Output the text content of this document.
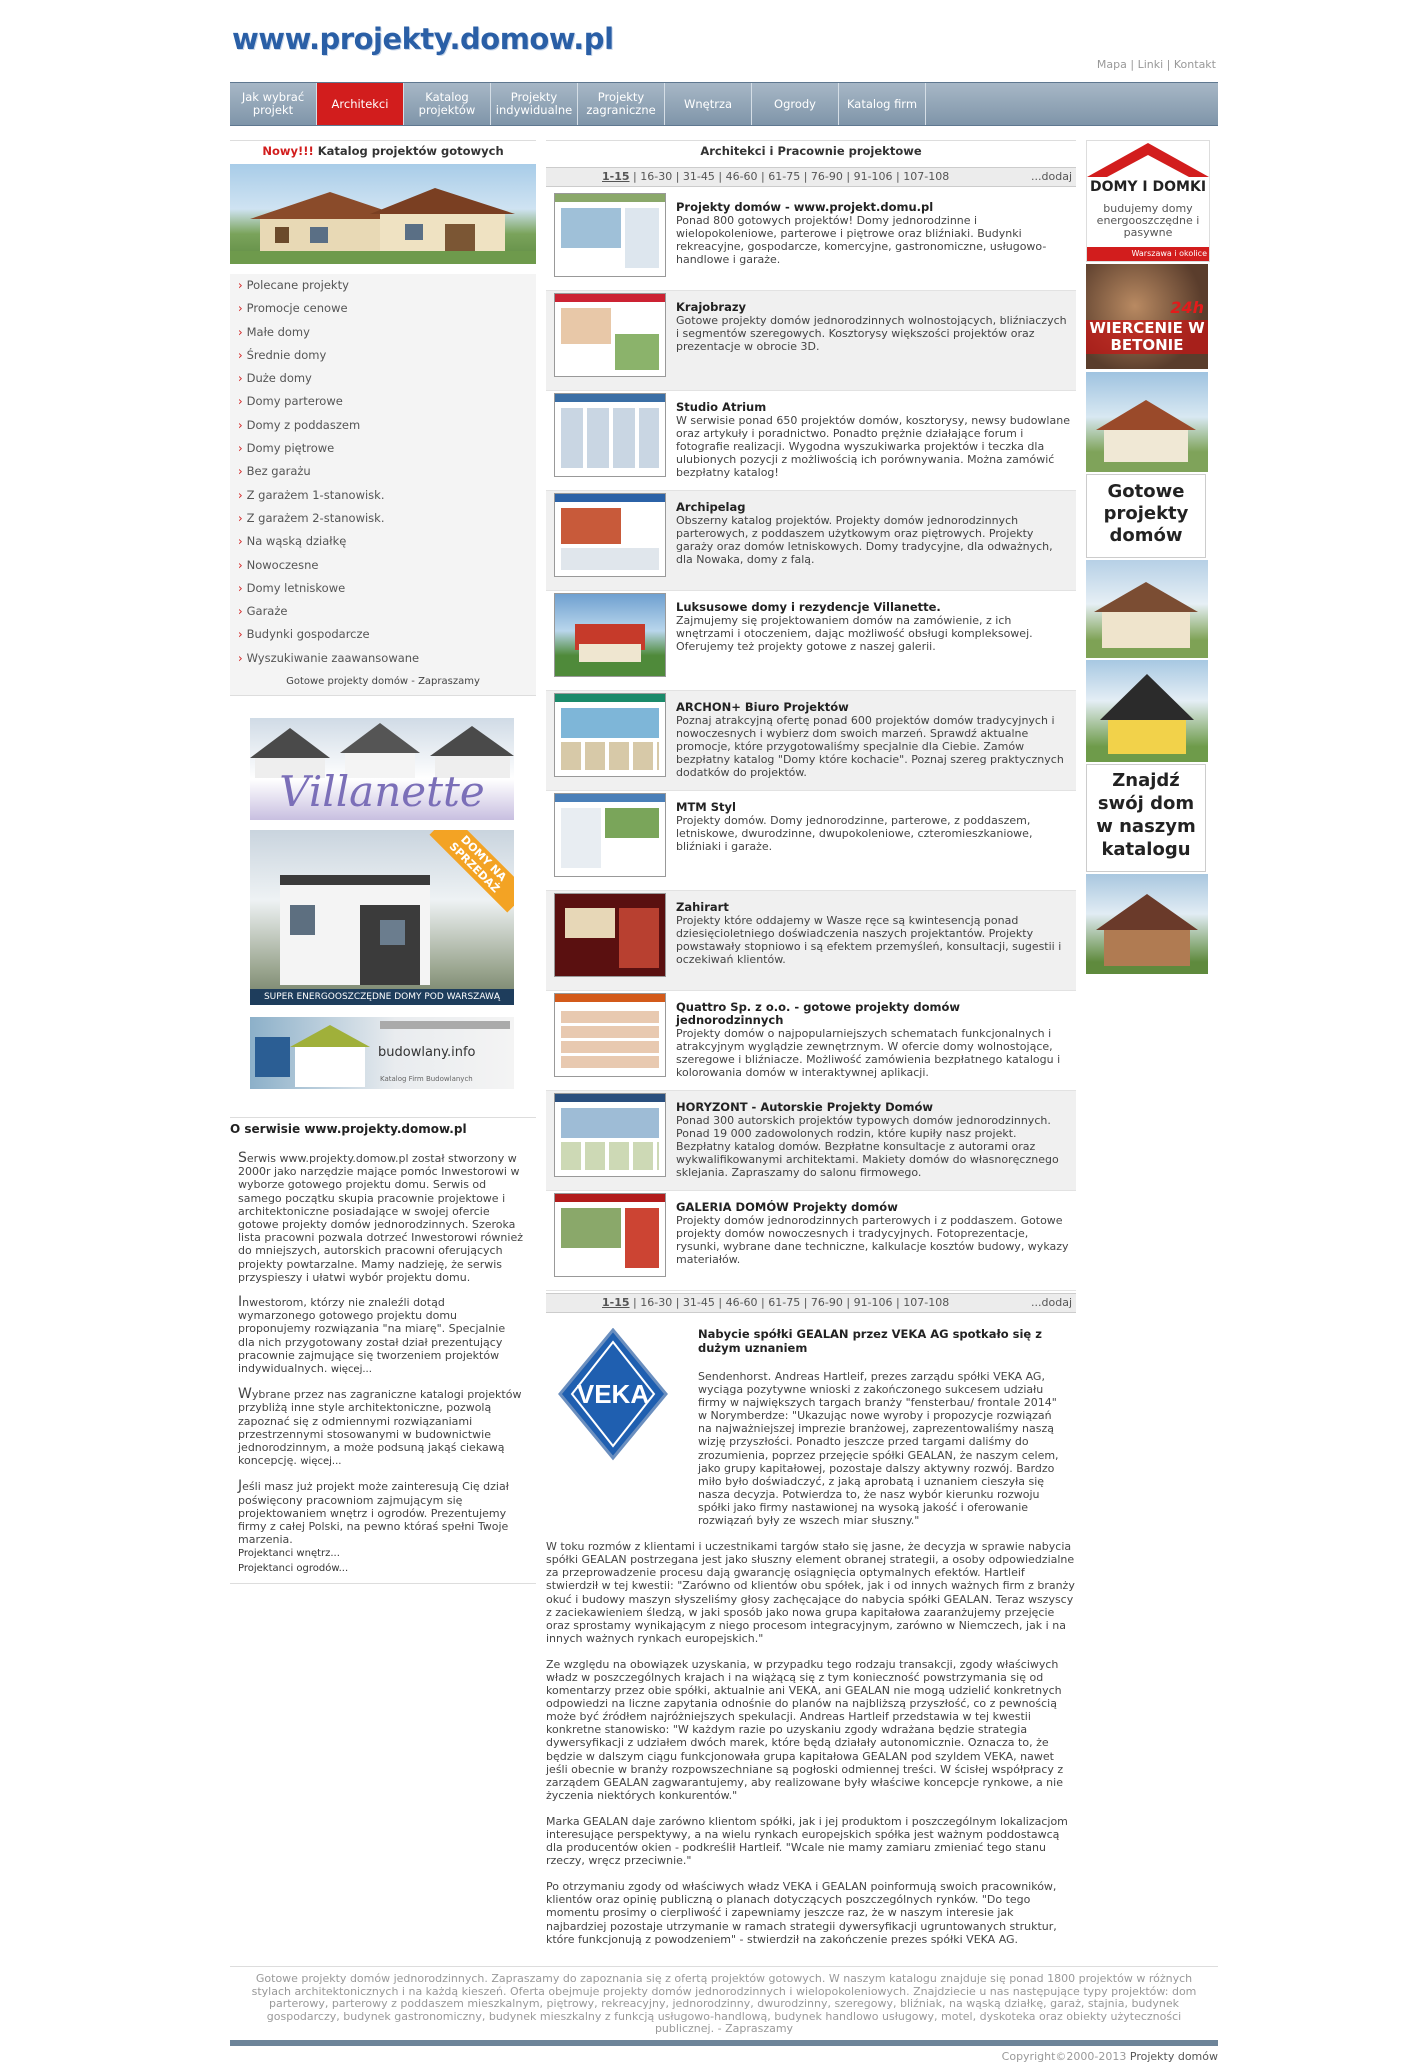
www.projekty.domow.pl
Mapa | Linki | Kontakt
Jak wybrać projekt	Architekci	Katalog projektów
Projekty indywidualne
Projekty zagraniczne	Wnętrza	Ogrody	Katalog firm
Nowy!!! Katalog projektów gotowych
› Polecane projekty
› Promocje cenowe
› Małe domy
› Średnie domy
› Duże domy
› Domy parterowe
› Domy z poddaszem
› Domy piętrowe
› Bez garażu
› Z garażem 1-stanowisk.
› Z garażem 2-stanowisk.
› Na wąską działkę
› Nowoczesne
› Domy letniskowe
› Garaże
› Budynki gospodarcze
› Wyszukiwanie zaawansowane
Gotowe projekty domów - Zapraszamy
Villanette
DOMY NA SPRZEDAŻ
SUPER ENERGOOSZCZĘDNE DOMY POD WARSZAWĄ
budowlany.info
Katalog Firm Budowlanych
O serwisie www.projekty.domow.pl

Serwis www.projekty.domow.pl został stworzony w 2000r jako narzędzie mające pomóc Inwestorowi w wyborze gotowego projektu domu. Serwis od samego początku skupia pracownie projektowe i architektoniczne posiadające w swojej ofercie gotowe projekty domów jednorodzinnych. Szeroka lista pracowni pozwala dotrzeć Inwestorowi również do mniejszych, autorskich pracowni oferujących projekty powtarzalne. Mamy nadzieję, że serwis przyspieszy i ułatwi wybór projektu domu.

Inwestorom, którzy nie znaleźli dotąd wymarzonego gotowego projektu domu proponujemy rozwiązania "na miarę". Specjalnie dla nich przygotowany został dział prezentujący pracownie zajmujące się tworzeniem projektów indywidualnych. więcej...

Wybrane przez nas zagraniczne katalogi projektów przybliżą inne style architektoniczne, pozwolą zapoznać się z odmiennymi rozwiązaniami przestrzennymi stosowanymi w budownictwie jednorodzinnym, a może podsuną jakąś ciekawą koncepcję. więcej...

Jeśli masz już projekt może zainteresują Cię dział poświęcony pracowniom zajmującym się projektowaniem wnętrz i ogrodów. Prezentujemy firmy z całej Polski, na pewno któraś spełni Twoje marzenia.
Projektanci wnętrz...
Projektanci ogrodów...

Architekci i Pracownie projektowe
1-15 | 16-30 | 31-45 | 46-60 | 61-75 | 76-90 | 91-106 | 107-108	...dodaj
Projekty domów - www.projekt.domu.pl
Ponad 800 gotowych projektów! Domy jednorodzinne i wielopokoleniowe, parterowe i piętrowe oraz bliźniaki. Budynki rekreacyjne, gospodarcze, komercyjne, gastronomiczne, usługowo-handlowe i garaże.
Krajobrazy
Gotowe projekty domów jednorodzinnych wolnostojących, bliźniaczych i segmentów szeregowych. Kosztorysy większości projektów oraz prezentacje w obrocie 3D.
Studio Atrium
W serwisie ponad 650 projektów domów, kosztorysy, newsy budowlane oraz artykuły i poradnictwo. Ponadto prężnie działające forum i fotografie realizacji. Wygodna wyszukiwarka projektów i teczka dla ulubionych pozycji z możliwością ich porównywania. Można zamówić bezpłatny katalog!
Archipelag
Obszerny katalog projektów. Projekty domów jednorodzinnych parterowych, z poddaszem użytkowym oraz piętrowych. Projekty garaży oraz domów letniskowych. Domy tradycyjne, dla odważnych, dla Nowaka, domy z falą.
Luksusowe domy i rezydencje Villanette.
Zajmujemy się projektowaniem domów na zamówienie, z ich wnętrzami i otoczeniem, dając możliwość obsługi kompleksowej. Oferujemy też projekty gotowe z naszej galerii.
ARCHON+ Biuro Projektów
Poznaj atrakcyjną ofertę ponad 600 projektów domów tradycyjnych i nowoczesnych i wybierz dom swoich marzeń. Sprawdź aktualne promocje, które przygotowaliśmy specjalnie dla Ciebie. Zamów bezpłatny katalog "Domy które kochacie". Poznaj szereg praktycznych dodatków do projektów.
MTM Styl
Projekty domów. Domy jednorodzinne, parterowe, z poddaszem, letniskowe, dwurodzinne, dwupokoleniowe, czteromieszkaniowe, bliźniaki i garaże.
Zahirart
Projekty które oddajemy w Wasze ręce są kwintesencją ponad dziesięcioletniego doświadczenia naszych projektantów. Projekty powstawały stopniowo i są efektem przemyśleń, konsultacji, sugestii i oczekiwań klientów.
Quattro Sp. z o.o. - gotowe projekty domów jednorodzinnych
Projekty domów o najpopularniejszych schematach funkcjonalnych i atrakcyjnym wyglądzie zewnętrznym. W ofercie domy wolnostojące, szeregowe i bliźniacze. Możliwość zamówienia bezpłatnego katalogu i kolorowania domów w interaktywnej aplikacji.
HORYZONT - Autorskie Projekty Domów
Ponad 300 autorskich projektów typowych domów jednorodzinnych. Ponad 19 000 zadowolonych rodzin, które kupiły nasz projekt. Bezpłatny katalog domów. Bezpłatne konsultacje z autorami oraz wykwalifikowanymi architektami. Makiety domów do własnoręcznego sklejania. Zapraszamy do salonu firmowego.
GALERIA DOMÓW Projekty domów
Projekty domów jednorodzinnych parterowych i z poddaszem. Gotowe projekty domów nowoczesnych i tradycyjnych. Fotoprezentacje, rysunki, wybrane dane techniczne, kalkulacje kosztów budowy, wykazy materiałów.
1-15 | 16-30 | 31-45 | 46-60 | 61-75 | 76-90 | 91-106 | 107-108	...dodaj
VEKA
Nabycie spółki GEALAN przez VEKA AG spotkało się z dużym uznaniem
Sendenhorst. Andreas Hartleif, prezes zarządu spółki VEKA AG, wyciąga pozytywne wnioski z zakończonego sukcesem udziału firmy w największych targach branży "fensterbau/ frontale 2014" w Norymberdze: "Ukazując nowe wyroby i propozycje rozwiązań na najważniejszej imprezie branżowej, zaprezentowaliśmy naszą wizję przyszłości. Ponadto jeszcze przed targami daliśmy do zrozumienia, poprzez przejęcie spółki GEALAN, że naszym celem, jako grupy kapitałowej, pozostaje dalszy aktywny rozwój. Bardzo miło było doświadczyć, z jaką aprobatą i uznaniem cieszyła się nasza decyzja. Potwierdza to, że nasz wybór kierunku rozwoju spółki jako firmy nastawionej na wysoką jakość i oferowanie rozwiązań były ze wszech miar słuszny."

W toku rozmów z klientami i uczestnikami targów stało się jasne, że decyzja w sprawie nabycia spółki GEALAN postrzegana jest jako słuszny element obranej strategii, a osoby odpowiedzialne za przeprowadzenie procesu dają gwarancję osiągnięcia optymalnych efektów. Hartleif stwierdził w tej kwestii: "Zarówno od klientów obu spółek, jak i od innych ważnych firm z branży okuć i budowy maszyn słyszeliśmy głosy zachęcające do nabycia spółki GEALAN. Teraz wszyscy z zaciekawieniem śledzą, w jaki sposób jako nowa grupa kapitałowa zaaranżujemy przejęcie oraz sprostamy wynikającym z niego procesom integracyjnym, zarówno w Niemczech, jak i na innych ważnych rynkach europejskich."

Ze względu na obowiązek uzyskania, w przypadku tego rodzaju transakcji, zgody właściwych władz w poszczególnych krajach i na wiążącą się z tym konieczność powstrzymania się od komentarzy przez obie spółki, aktualnie ani VEKA, ani GEALAN nie mogą udzielić konkretnych odpowiedzi na liczne zapytania odnośnie do planów na najbliższą przyszłość, co z pewnością może być źródłem najróżniejszych spekulacji. Andreas Hartleif przedstawia w tej kwestii konkretne stanowisko: "W każdym razie po uzyskaniu zgody wdrażana będzie strategia dywersyfikacji z udziałem dwóch marek, które będą działały autonomicznie. Oznacza to, że będzie w dalszym ciągu funkcjonowała grupa kapitałowa GEALAN pod szyldem VEKA, nawet jeśli obecnie w branży rozpowszechniane są pogłoski odmiennej treści. W ścisłej współpracy z zarządem GEALAN zagwarantujemy, aby realizowane były właściwe koncepcje rynkowe, a nie życzenia niektórych konkurentów."

Marka GEALAN daje zarówno klientom spółki, jak i jej produktom i poszczególnym lokalizacjom interesujące perspektywy, a na wielu rynkach europejskich spółka jest ważnym poddostawcą dla producentów okien - podkreślił Hartleif. "Wcale nie mamy zamiaru zmieniać tego stanu rzeczy, wręcz przeciwnie."

Po otrzymaniu zgody od właściwych władz VEKA i GEALAN poinformują swoich pracowników, klientów oraz opinię publiczną o planach dotyczących poszczególnych rynków. "Do tego momentu prosimy o cierpliwość i zapewniamy jeszcze raz, że w naszym interesie jak najbardziej pozostaje utrzymanie w ramach strategii dywersyfikacji ugruntowanych struktur, które funkcjonują z powodzeniem" - stwierdził na zakończenie prezes spółki VEKA AG.

DOMY I DOMKI
budujemy domy energooszczędne i pasywne
Warszawa i okolice
24h
WIERCENIE W BETONIE
Gotowe projekty domów
Znajdź swój dom w naszym katalogu
Gotowe projekty domów jednorodzinnych. Zapraszamy do zapoznania się z ofertą projektów gotowych. W naszym katalogu znajduje się ponad 1800 projektów w różnych stylach architektonicznych i na każdą kieszeń. Oferta obejmuje projekty domów jednorodzinnych i wielopokoleniowych. Znajdziecie u nas następujące typy projektów: dom parterowy, parterowy z poddaszem mieszkalnym, piętrowy, rekreacyjny, jednorodzinny, dwurodzinny, szeregowy, bliźniak, na wąską działkę, garaż, stajnia, budynek gospodarczy, budynek gastronomiczny, budynek mieszkalny z funkcją usługowo-handlową, budynek handlowo usługowy, motel, dyskoteka oraz obiekty użyteczności publicznej. - Zapraszamy
Copyright©2000-2013 Projekty domów
